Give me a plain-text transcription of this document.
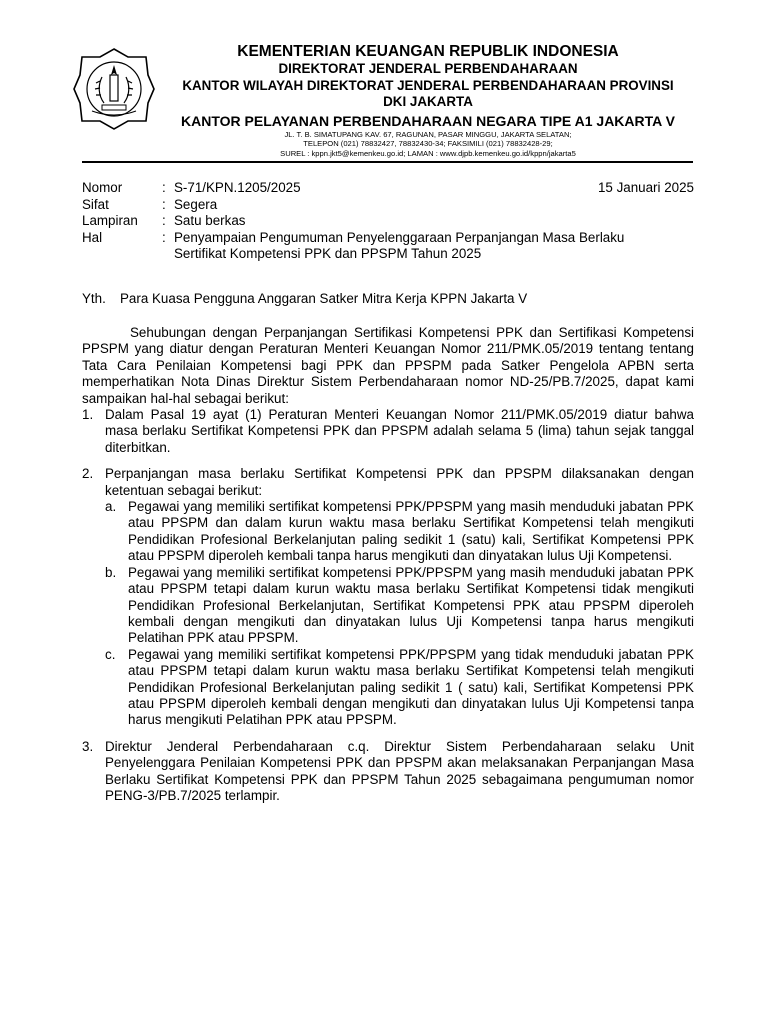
KEMENTERIAN KEUANGAN REPUBLIK INDONESIA
DIREKTORAT JENDERAL PERBENDAHARAAN
KANTOR WILAYAH DIREKTORAT JENDERAL PERBENDAHARAAN PROVINSI
DKI JAKARTA
KANTOR PELAYANAN PERBENDAHARAAN NEGARA TIPE A1 JAKARTA V
JL. T. B. SIMATUPANG KAV. 67, RAGUNAN, PASAR MINGGU, JAKARTA SELATAN;
TELEPON (021) 78832427, 78832430-34; FAKSIMILI (021) 78832428-29;
SUREL : kppn.jkt5@kemenkeu.go.id; LAMAN : www.djpb.kemenkeu.go.id/kppn/jakarta5
15 Januari 2025
Nomor	: S-71/KPN.1205/2025
Sifat	: Segera
Lampiran	: Satu berkas
Hal	: Penyampaian Pengumuman Penyelenggaraan Perpanjangan Masa Berlaku
Sertifikat Kompetensi PPK dan PPSPM Tahun 2025
Yth. Para Kuasa Pengguna Anggaran Satker Mitra Kerja KPPN Jakarta V

Sehubungan dengan Perpanjangan Sertifikasi Kompetensi PPK dan Sertifikasi Kompetensi PPSPM yang diatur dengan Peraturan Menteri Keuangan Nomor 211/PMK.05/2019 tentang tentang Tata Cara Penilaian Kompetensi bagi PPK dan PPSPM pada Satker Pengelola APBN serta memperhatikan Nota Dinas Direktur Sistem Perbendaharaan nomor ND-25/PB.7/2025, dapat kami sampaikan hal-hal sebagai berikut:

1. Dalam Pasal 19 ayat (1) Peraturan Menteri Keuangan Nomor 211/PMK.05/2019 diatur bahwa masa berlaku Sertifikat Kompetensi PPK dan PPSPM adalah selama 5 (lima) tahun sejak tanggal diterbitkan.
2. Perpanjangan masa berlaku Sertifikat Kompetensi PPK dan PPSPM dilaksanakan dengan ketentuan sebagai berikut:
a. Pegawai yang memiliki sertifikat kompetensi PPK/PPSPM yang masih menduduki jabatan PPK atau PPSPM dan dalam kurun waktu masa berlaku Sertifikat Kompetensi telah mengikuti Pendidikan Profesional Berkelanjutan paling sedikit 1 (satu) kali, Sertifikat Kompetensi PPK atau PPSPM diperoleh kembali tanpa harus mengikuti dan dinyatakan lulus Uji Kompetensi.
b. Pegawai yang memiliki sertifikat kompetensi PPK/PPSPM yang masih menduduki jabatan PPK atau PPSPM tetapi dalam kurun waktu masa berlaku Sertifikat Kompetensi tidak mengikuti Pendidikan Profesional Berkelanjutan, Sertifikat Kompetensi PPK atau PPSPM diperoleh kembali dengan mengikuti dan dinyatakan lulus Uji Kompetensi tanpa harus mengikuti Pelatihan PPK atau PPSPM.
c. Pegawai yang memiliki sertifikat kompetensi PPK/PPSPM yang tidak menduduki jabatan PPK atau PPSPM tetapi dalam kurun waktu masa berlaku Sertifikat Kompetensi telah mengikuti Pendidikan Profesional Berkelanjutan paling sedikit 1 ( satu) kali, Sertifikat Kompetensi PPK atau PPSPM diperoleh kembali dengan mengikuti dan dinyatakan lulus Uji Kompetensi tanpa harus mengikuti Pelatihan PPK atau PPSPM.
3. Direktur Jenderal Perbendaharaan c.q. Direktur Sistem Perbendaharaan selaku Unit Penyelenggara Penilaian Kompetensi PPK dan PPSPM akan melaksanakan Perpanjangan Masa Berlaku Sertifikat Kompetensi PPK dan PPSPM Tahun 2025 sebagaimana pengumuman nomor PENG-3/PB.7/2025 terlampir.
